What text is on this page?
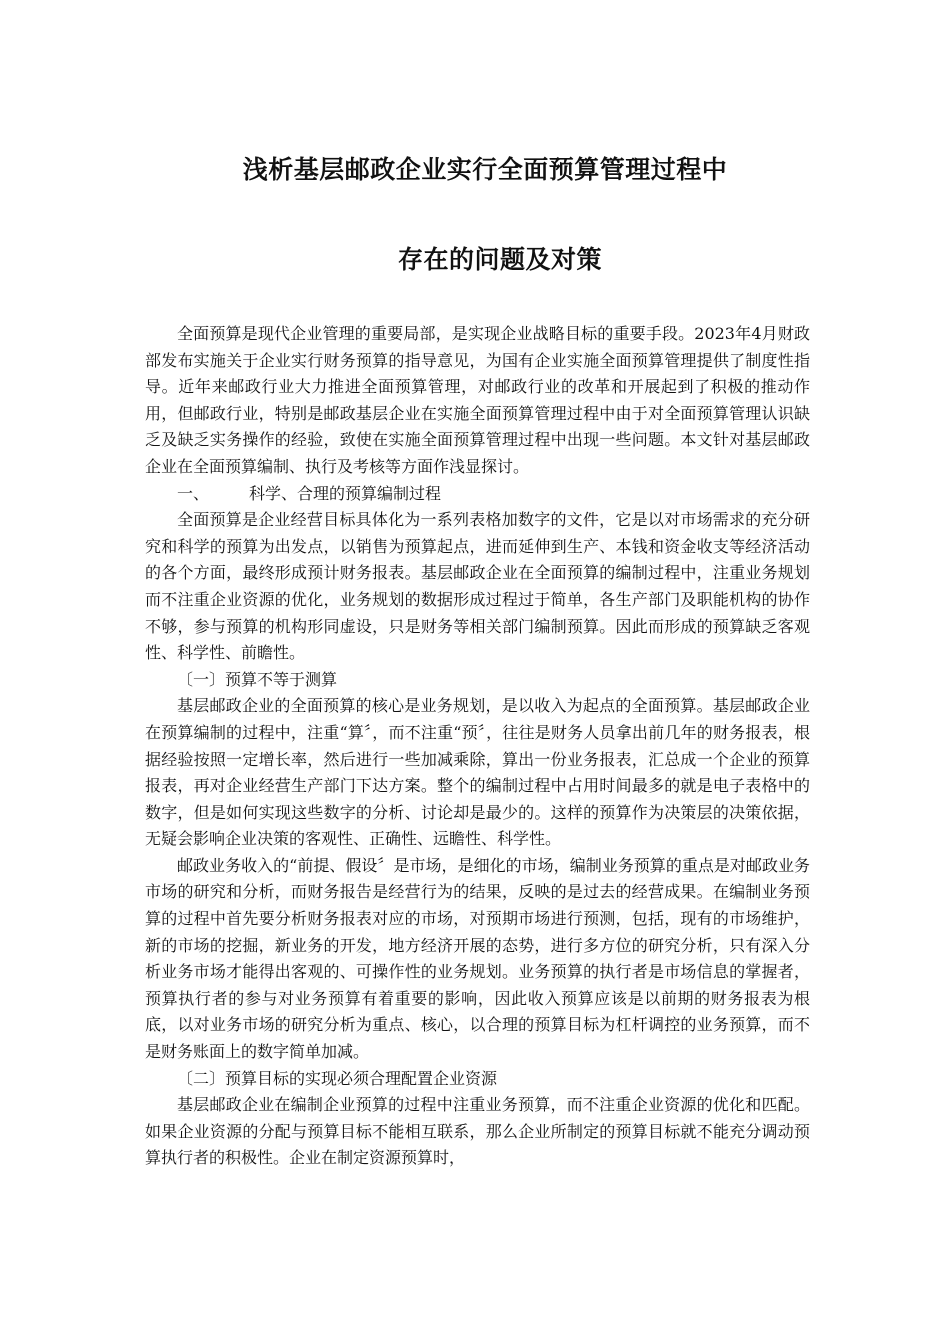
浅析基层邮政企业实行全面预算管理过程中
存在的问题及对策

全面预算是现代企业管理的重要局部，是实现企业战略目标的重要手段。2023年4月财政部发布实施关于企业实行财务预算的指导意见，为国有企业实施全面预算管理提供了制度性指导。近年来邮政行业大力推进全面预算管理，对邮政行业的改革和开展起到了积极的推动作用，但邮政行业，特别是邮政基层企业在实施全面预算管理过程中由于对全面预算管理认识缺乏及缺乏实务操作的经验，致使在实施全面预算管理过程中出现一些问题。本文针对基层邮政企业在全面预算编制、执行及考核等方面作浅显探讨。

一、	科学、合理的预算编制过程

全面预算是企业经营目标具体化为一系列表格加数字的文件，它是以对市场需求的充分研究和科学的预算为出发点，以销售为预算起点，进而延伸到生产、本钱和资金收支等经济活动的各个方面，最终形成预计财务报表。基层邮政企业在全面预算的编制过程中，注重业务规划而不注重企业资源的优化，业务规划的数据形成过程过于简单，各生产部门及职能机构的协作不够，参与预算的机构形同虚设，只是财务等相关部门编制预算。因此而形成的预算缺乏客观性、科学性、前瞻性。

〔一〕预算不等于测算

基层邮政企业的全面预算的核心是业务规划，是以收入为起点的全面预算。基层邮政企业在预算编制的过程中，注重“算〞，而不注重“预〞，往往是财务人员拿出前几年的财务报表，根据经验按照一定增长率，然后进行一些加减乘除，算出一份业务报表，汇总成一个企业的预算报表，再对企业经营生产部门下达方案。整个的编制过程中占用时间最多的就是电子表格中的数字，但是如何实现这些数字的分析、讨论却是最少的。这样的预算作为决策层的决策依据，无疑会影响企业决策的客观性、正确性、远瞻性、科学性。

邮政业务收入的“前提、假设〞是市场，是细化的市场，编制业务预算的重点是对邮政业务市场的研究和分析，而财务报告是经营行为的结果，反映的是过去的经营成果。在编制业务预算的过程中首先要分析财务报表对应的市场，对预期市场进行预测，包括，现有的市场维护，新的市场的挖掘，新业务的开发，地方经济开展的态势，进行多方位的研究分析，只有深入分析业务市场才能得出客观的、可操作性的业务规划。业务预算的执行者是市场信息的掌握者，预算执行者的参与对业务预算有着重要的影响，因此收入预算应该是以前期的财务报表为根底，以对业务市场的研究分析为重点、核心，以合理的预算目标为杠杆调控的业务预算，而不是财务账面上的数字简单加减。

〔二〕预算目标的实现必须合理配置企业资源

基层邮政企业在编制企业预算的过程中注重业务预算，而不注重企业资源的优化和匹配。如果企业资源的分配与预算目标不能相互联系，那么企业所制定的预算目标就不能充分调动预算执行者的积极性。企业在制定资源预算时，
